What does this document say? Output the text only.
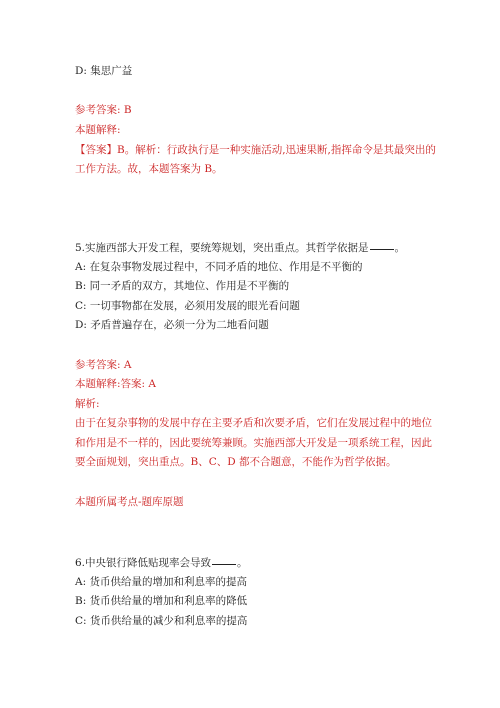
D: 集思广益
参考答案: B
本题解释:
【答案】B。解析：行政执行是一种实施活动,迅速果断,指挥命令是其最突出的
工作方法。故，本题答案为 B。
5.实施西部大开发工程，要统筹规划，突出重点。其哲学依据是 。
A: 在复杂事物发展过程中，不同矛盾的地位、作用是不平衡的
B: 同一矛盾的双方，其地位、作用是不平衡的
C: 一切事物都在发展，必须用发展的眼光看问题
D: 矛盾普遍存在，必须一分为二地看问题
参考答案: A
本题解释:答案: A
解析:
由于在复杂事物的发展中存在主要矛盾和次要矛盾，它们在发展过程中的地位
和作用是不一样的，因此要统筹兼顾。实施西部大开发是一项系统工程，因此
要全面规划，突出重点。B、C、D 都不合题意，不能作为哲学依据。
本题所属考点-题库原题
6.中央银行降低贴现率会导致 。
A: 货币供给量的增加和利息率的提高
B: 货币供给量的增加和利息率的降低
C: 货币供给量的减少和利息率的提高
